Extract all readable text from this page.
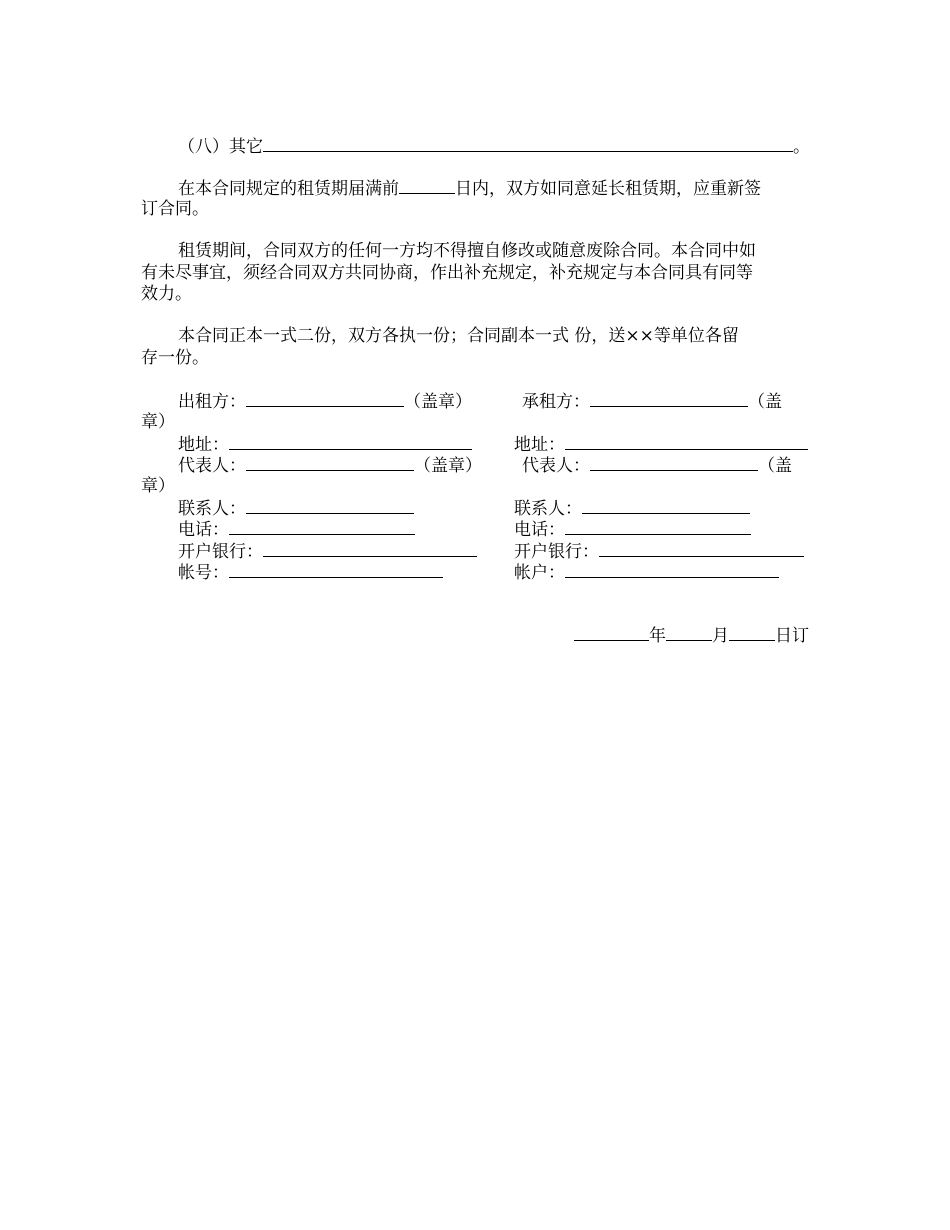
（八）其它	。
在本合同规定的租赁期届满前	日内，双方如同意延长租赁期，应重新签
订合同。
租赁期间，合同双方的任何一方均不得擅自修改或随意废除合同。本合同中如
有未尽事宜，须经合同双方共同协商，作出补充规定，补充规定与本合同具有同等
效力。
本合同正本一式二份，双方各执一份；合同副本一式 份，送××等单位各留
存一份。
出租方：	（盖章）	承租方：	（盖
章）
地址：	地址：
代表人：	（盖章） 代表人：	（盖
章）
联系人：	联系人：
电话：	电话：
开户银行：	开户银行：
帐号：	帐户：
年	月	日订
